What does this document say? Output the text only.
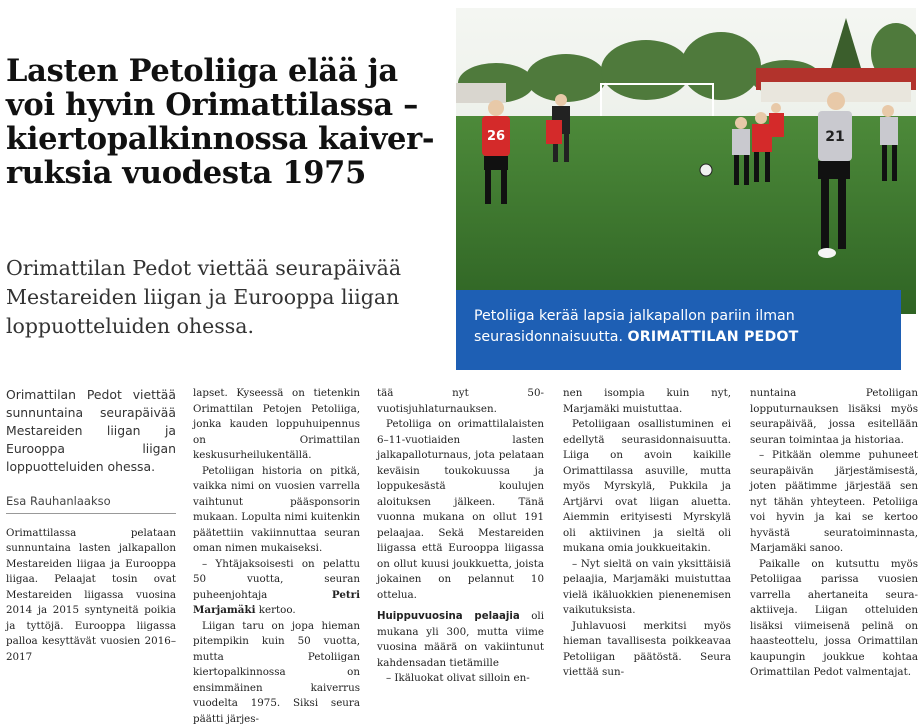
Lasten Petoliiga elää ja voi hyvin Orimattilassa – kiertopalkinnossa kaiver-ruksia vuodesta 1975

Orimattilan Pedot viettää seurapäivää Mestareiden liigan ja Eurooppa liigan loppuotteluiden ohessa.

26	21
Petoliiga kerää lapsia jalkapallon pariin ilman seurasidonnaisuutta. ORIMATTILAN PEDOT

Orimattilan Pedot viettää sunnuntaina seurapäivää Mestareiden liigan ja Eurooppa liigan loppuotteluiden ohessa.

Esa Rauhanlaakso

Orimattilassa pelataan sunnuntaina lasten jalkapallon Mestareiden liigaa ja Eurooppa liigaa. Pelaajat tosin ovat Mestareiden liigassa vuosina 2014 ja 2015 syntyneitä poikia ja tyttöjä. Eurooppa liigassa palloa kesyttävät vuosien 2016–2017

lapset. Kyseessä on tietenkin Orimattilan Petojen Petoliiga, jonka kauden loppuhuipennus on Orimattilan keskusurheilukentällä.

Petoliigan historia on pitkä, vaikka nimi on vuosien varrella vaihtunut pääsponsorin mukaan. Lopulta nimi kuitenkin päätettiin vakiinnuttaa seuran oman nimen mukaiseksi.

– Yhtäjaksoisesti on pelattu 50 vuotta, seuran puheenjohtaja Petri Marjamäki kertoo.

Liigan taru on jopa hieman pitempikin kuin 50 vuotta, mutta Petoliigan kiertopalkinnossa on ensimmäinen kaiverrus vuodelta 1975. Siksi seura päätti järjes-

tää nyt 50-vuotisjuhlaturnauksen.

Petoliiga on orimattilalaisten 6–11-vuotiaiden lasten jalkapalloturnaus, jota pelataan keväisin toukokuussa ja loppukesästä koulujen aloituksen jälkeen. Tänä vuonna mukana on ollut 191 pelaajaa. Sekä Mestareiden liigassa että Eurooppa liigassa on ollut kuusi joukkuetta, joista jokainen on pelannut 10 ottelua.

Huippuvuosina pelaajia oli mukana yli 300, mutta viime vuosina määrä on vakiintunut kahdensadan tietämille

– Ikäluokat olivat silloin en-

nen isompia kuin nyt, Marjamäki muistuttaa.

Petoliigaan osallistuminen ei edellytä seurasidonnaisuutta. Liiga on avoin kaikille Orimattilassa asuville, mutta myös Myrskylä, Pukkila ja Artjärvi ovat liigan aluetta. Aiemmin erityisesti Myrskylä oli aktiivinen ja sieltä oli mukana omia joukkueitakin.

– Nyt sieltä on vain yksittäisiä pelaajia, Marjamäki muistuttaa vielä ikäluokkien pienenemisen vaikutuksista.

Juhlavuosi merkitsi myös hieman tavallisesta poikkeavaa Petoliigan päätöstä. Seura viettää sun-

nuntaina Petoliigan lopputurnauksen lisäksi myös seurapäivää, jossa esitellään seuran toimintaa ja historiaa.

– Pitkään olemme puhuneet seurapäivän järjestämisestä, joten päätimme järjestää sen nyt tähän yhteyteen. Petoliiga voi hyvin ja kai se kertoo hyvästä seuratoiminnasta, Marjamäki sanoo.

Paikalle on kutsuttu myös Petoliigaa parissa vuosien varrella ahertaneita seura-aktiiveja. Liigan otteluiden lisäksi viimeisenä pelinä on haasteottelu, jossa Orimattilan kaupungin joukkue kohtaa Orimattilan Pedot valmentajat.
